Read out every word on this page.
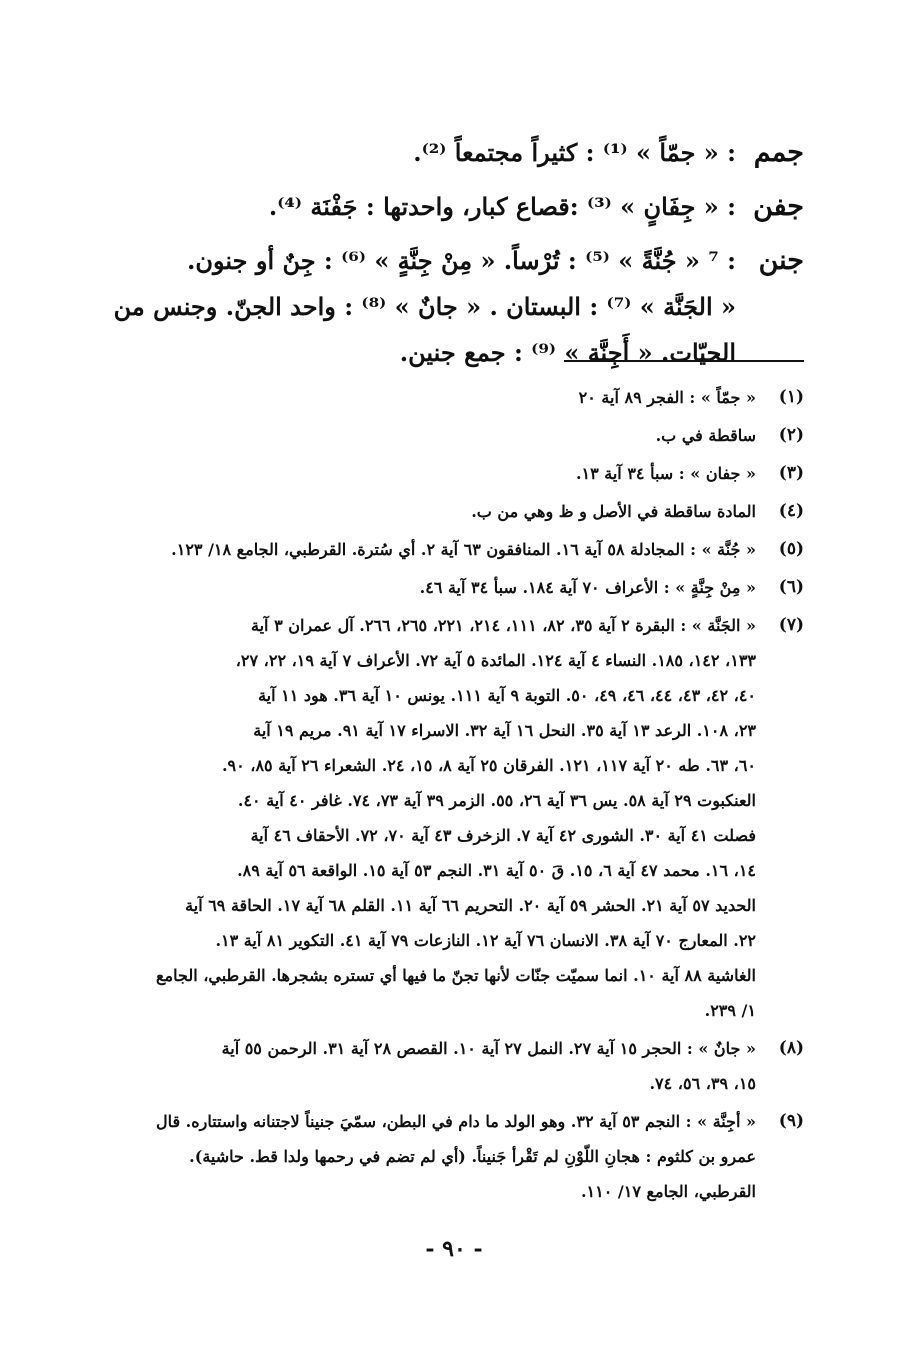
جمم
: « جمّاً » ⁽¹⁾ : كثيراً مجتمعاً ⁽²⁾.
جفن
: « جِفَانٍ » ⁽³⁾ :قصاع كبار، واحدتها : جَفْنَة ⁽⁴⁾.
جنن
: ⁷ « جُنَّةً » ⁽⁵⁾ : تُرْساً. « مِنْ جِنَّةٍ » ⁽⁶⁾ : جِنٌ أو جنون.
« الجَنَّة » ⁽⁷⁾ : البستان . « جانٌ » ⁽⁸⁾ : واحد الجنّ. وجنس من
الحيّات. « أَجِنَّة » ⁽⁹⁾ : جمع جنين.
(١)
« جمّاً » : الفجر ٨٩ آية ٢٠
(٢)
ساقطة في ب.
(٣)
« جفان » : سبأ ٣٤ آية ١٣.
(٤)
المادة ساقطة في الأصل و ظ وهي من ب.
(٥)
« جُنَّة » : المجادلة ٥٨ آية ١٦. المنافقون ٦٣ آية ٢. أي سُترة. القرطبي، الجامع ١٨/ ١٢٣.
(٦)
« مِنْ جِنَّةٍ » : الأعراف ٧٠ آية ١٨٤. سبأ ٣٤ آية ٤٦.
(٧)
« الجَنَّة » : البقرة ٢ آية ٣٥، ٨٢، ١١١، ٢١٤، ٢٢١، ٢٦٥، ٢٦٦. آل عمران ٣ آية
١٣٣، ١٤٢، ١٨٥. النساء ٤ آية ١٢٤. المائدة ٥ آية ٧٢. الأعراف ٧ آية ١٩، ٢٢، ٢٧،
٤٠، ٤٢، ٤٣، ٤٤، ٤٦، ٤٩، ٥٠. التوبة ٩ آية ١١١. يونس ١٠ آية ٣٦. هود ١١ آية
٢٣، ١٠٨. الرعد ١٣ آية ٣٥. النحل ١٦ آية ٣٢. الاسراء ١٧ آية ٩١. مريم ١٩ آية
٦٠، ٦٣. طه ٢٠ آية ١١٧، ١٢١. الفرقان ٢٥ آية ٨، ١٥، ٢٤. الشعراء ٢٦ آية ٨٥، ٩٠.
العنكبوت ٢٩ آية ٥٨. يس ٣٦ آية ٢٦، ٥٥. الزمر ٣٩ آية ٧٣، ٧٤. غافر ٤٠ آية ٤٠.
فصلت ٤١ آية ٣٠. الشورى ٤٢ آية ٧. الزخرف ٤٣ آية ٧٠، ٧٢. الأحقاف ٤٦ آية
١٤، ١٦. محمد ٤٧ آية ٦، ١٥. قَ ٥٠ آية ٣١. النجم ٥٣ آية ١٥. الواقعة ٥٦ آية ٨٩.
الحديد ٥٧ آية ٢١. الحشر ٥٩ آية ٢٠. التحريم ٦٦ آية ١١. القلم ٦٨ آية ١٧. الحاقة ٦٩ آية
٢٢. المعارج ٧٠ آية ٣٨. الانسان ٧٦ آية ١٢. النازعات ٧٩ آية ٤١. التكوير ٨١ آية ١٣.
الغاشية ٨٨ آية ١٠. انما سميّت جنّات لأنها تجنّ ما فيها أي تستره بشجرها. القرطبي، الجامع
١/ ٢٣٩.
(٨)
« جانٌ » : الحجر ١٥ آية ٢٧. النمل ٢٧ آية ١٠. القصص ٢٨ آية ٣١. الرحمن ٥٥ آية
١٥، ٣٩، ٥٦، ٧٤.
(٩)
« أجِنَّة » : النجم ٥٣ آية ٣٢. وهو الولد ما دام في البطن، سمّيَ جنيناً لاجتنانه واستتاره. قال
عمرو بن كلثوم : هجانِ اللّوْنِ لم تَقْرأ جَنيناً. (أي لم تضم في رحمها ولدا قط. حاشية).
القرطبي، الجامع ١٧/ ١١٠.
- ٩٠ -
